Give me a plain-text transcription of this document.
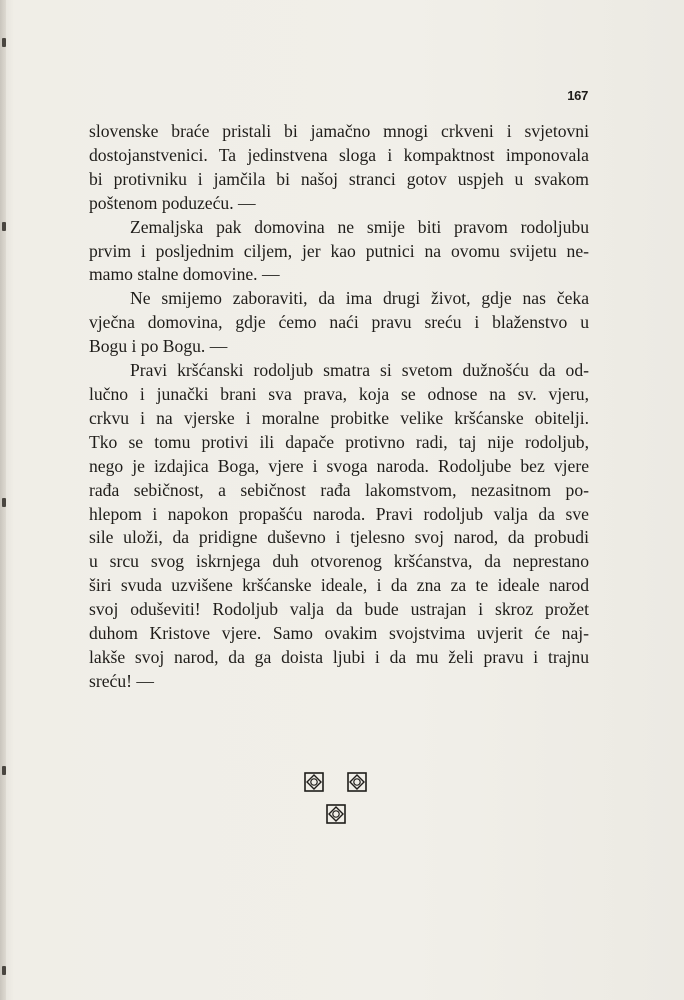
167

slovenske braće pristali bi jamačno mnogi crkveni i svjetovni
dostojanstvenici. Ta jedinstvena sloga i kompaktnost imponovala
bi protivniku i jamčila bi našoj stranci gotov uspjeh u svakom
poštenom poduzeću. —

Zemaljska pak domovina ne smije biti pravom rodoljubu
prvim i posljednim ciljem, jer kao putnici na ovomu svijetu ne-
mamo stalne domovine. —

Ne smijemo zaboraviti, da ima drugi život, gdje nas čeka
vječna domovina, gdje ćemo naći pravu sreću i blaženstvo u
Bogu i po Bogu. —

Pravi kršćanski rodoljub smatra si svetom dužnošću da od-
lučno i junački brani sva prava, koja se odnose na sv. vjeru,
crkvu i na vjerske i moralne probitke velike kršćanske obitelji.
Tko se tomu protivi ili dapače protivno radi, taj nije rodoljub,
nego je izdajica Boga, vjere i svoga naroda. Rodoljube bez vjere
rađa sebičnost, a sebičnost rađa lakomstvom, nezasitnom po-
hlepom i napokon propašću naroda. Pravi rodoljub valja da sve
sile uloži, da pridigne duševno i tjelesno svoj narod, da probudi
u srcu svog iskrnjega duh otvorenog kršćanstva, da neprestano
širi svuda uzvišene kršćanske ideale, i da zna za te ideale narod
svoj oduševiti! Rodoljub valja da bude ustrajan i skroz prožet
duhom Kristove vjere. Samo ovakim svojstvima uvjerit će naj-
lakše svoj narod, da ga doista ljubi i da mu želi pravu i trajnu
sreću! —
